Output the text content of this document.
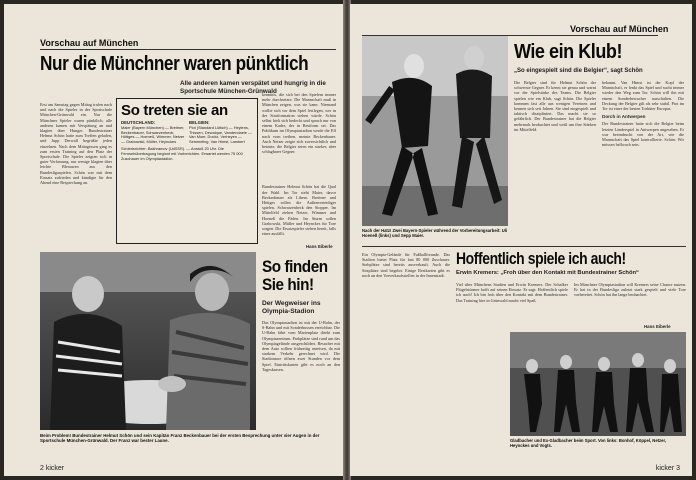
Vorschau auf München
Nur die Münchner waren pünktlich
Alle anderen kamen verspätet und hungrig in die Sportschule München-Grünwald
Erst am Samstag gegen Mittag trafen nach und nach die Spieler in der Sportschule München-Grünwald ein. Nur die Münchner Spieler waren pünktlich, alle anderen kamen mit Verspätung an und klagten über Hunger. Bundestrainer Helmut Schön hatte zum Treffen geladen, und Jupp Derwall begrüßte jeden einzelnen. Nach dem Mittagessen ging es zum ersten Training auf den Platz der Sportschule. Die Spieler zeigten sich in guter Verfassung, nur wenige klagten über leichte Blessuren aus den Bundesligaspielen. Schön war mit dem Einsatz zufrieden und kündigte für den Abend eine Besprechung an.
So treten sie an
DEUTSCHLAND:
Maier (Bayern München) — Breitner, Beckenbauer, Schwarzenbeck, Höttges — Hoeneß, Wimmer, Netzer — Grabowski, Müller, Heynckes
BELGIEN:
Piot (Standard Lüttich) — Heylens, Thissen, Dewalque, Vandendaele — Van Moer, Dockx, Verheyen — Semmeling, Van Himst, Lambert
Schiedsrichter: Bakhramov (UdSSR). — Anstoß 20 Uhr. Die Fernsehübertragung beginnt mit Vorberichten. Erwartet werden 75 000 Zuschauer im Olympiastadion.
kenntnis, die sich bei den Spielern immer mehr durchsetzte. Die Mannschaft muß in München zeigen, was sie kann. Niemand wollte sich vor dem Spiel festlegen, wer in der Startformation stehen würde. Schön selbst hielt sich bedeckt und sprach nur von einem Kader, der in Bestform sei. Das Publikum im Olympiastadion werde die Elf nach vorn treiben, meinte Beckenbauer. Auch Netzer zeigte sich zuversichtlich und betonte, die Belgier seien ein starker, aber schlagbarer Gegner.
Bundestrainer Helmut Schön hat die Qual der Wahl. Im Tor steht Maier, davor Beckenbauer als Libero. Breitner und Höttges sollen die Außenverteidiger spielen, Schwarzenbeck den Stopper. Im Mittelfeld ziehen Netzer, Wimmer und Hoeneß die Fäden. Im Sturm sollen Grabowski, Müller und Heynckes für Tore sorgen. Die Ersatzspieler stehen bereit, falls einer ausfällt.
Hans Eiberle
Beim Problem! Bundestrainer Helmut Schön und sein Kapitän Franz Beckenbauer bei der ersten Besprechung unter vier Augen in der Sportschule München-Grünwald. Der Franz war bester Laune.
So finden Sie hin!
Der Wegweiser ins Olympia-Stadion
Das Olympiastadion ist mit der U-Bahn, der S-Bahn und mit Sonderbussen erreichbar. Die U-Bahn fährt vom Marienplatz direkt zum Olympiazentrum. Parkplätze sind rund um das Olympiagelände ausgeschildert. Besucher mit dem Auto sollten frühzeitig anreisen, da mit starkem Verkehr gerechnet wird. Die Stadiontore öffnen zwei Stunden vor dem Spiel. Eintrittskarten gibt es noch an den Tageskassen.
2 kicker
Vorschau auf München
Nach der Hatz! Zwei Bayern-Spieler während der Vorbereitungsarbeit: Uli Hoeneß (links) und Sepp Maier.
Wie ein Klub!
„So eingespielt sind die Belgier“, sagt Schön
Die Belgier sind für Helmut Schön der schwerste Gegner. Er kennt sie genau und warnt vor der Spielstärke des Teams. Die Belgier spielen wie ein Klub, sagt Schön. Die Spieler kommen fast alle aus wenigen Vereinen und kennen sich seit Jahren. Sie sind eingespielt und taktisch diszipliniert. Das macht sie so gefährlich. Der Bundestrainer hat die Belgier mehrmals beobachtet und weiß um ihre Stärken im Mittelfeld.
bekannt. Van Himst ist der Kopf der Mannschaft, er lenkt das Spiel und sucht immer wieder den Weg zum Tor. Schön will ihn mit einem Sonderbewacher ausschalten. Die Deckung der Belgier gilt als sehr stabil. Piot im Tor ist einer der besten Torhüter Europas.
Dorch in Antwerpen
Der Bundestrainer hatte sich die Belgier beim letzten Länderspiel in Antwerpen angesehen. Er war beeindruckt von der Art, wie die Mannschaft das Spiel kontrollierte. Schön: Wir müssen hellwach sein.
Ein Olympia-Gelände für Fußballfreunde. Das Stadion bietet Platz für fast 80 000 Zuschauer. Stehplätze sind bereits ausverkauft. Auch die Sitzplätze sind begehrt. Einige Restkarten gibt es noch an den Vorverkaufsstellen in der Innenstadt.
Hoffentlich spiele ich auch!
Erwin Kremers: „Froh über den Kontakt mit Bundestrainer Schön“
Viel über Münchens Stadien und Erwin Kremers. Der Schalker Flügelstürmer hofft auf seinen Einsatz. Er sagt: Hoffentlich spiele ich auch! Ich bin froh über den Kontakt mit dem Bundestrainer. Das Training hier in Grünwald macht viel Spaß.
Im Münchner Olympiastadion will Kremers seine Chance nutzen. Er hat in der Bundesliga zuletzt stark gespielt und viele Tore vorbereitet. Schön hat ihn lange beobachtet.
Hans Eiberle
Gladbacher und Ex-Gladbacher beim Sport. Von links: Bonhof, Köppel, Netzer, Heynckes und Vogts.
kicker 3
